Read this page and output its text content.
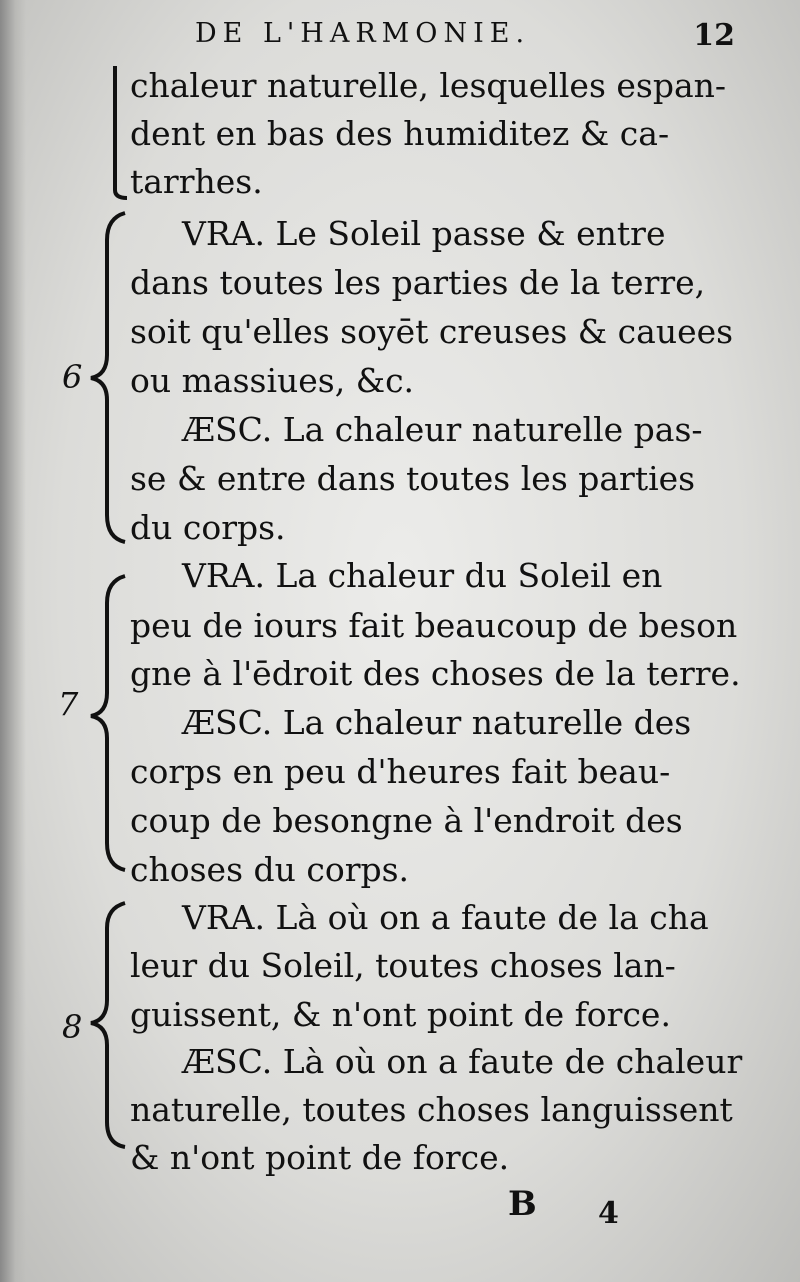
DE L'HARMONIE.	12
6
7
8
chaleur naturelle, lesquelles espan-
dent en bas des humiditez & ca-
tarrhes.
VRA. Le Soleil passe & entre
dans toutes les parties de la terre,
soit qu'elles soyēt creuses & cauees
ou massiues, &c.
ÆSC. La chaleur naturelle pas-
se & entre dans toutes les parties
du corps.
VRA. La chaleur du Soleil en
peu de iours fait beaucoup de beson
gne à l'ēdroit des choses de la terre.
ÆSC. La chaleur naturelle des
corps en peu d'heures fait beau-
coup de besongne à l'endroit des
choses du corps.
VRA. Là où on a faute de la cha
leur du Soleil, toutes choses lan-
guissent, & n'ont point de force.
ÆSC. Là où on a faute de chaleur
naturelle, toutes choses languissent
& n'ont point de force.
B 4
